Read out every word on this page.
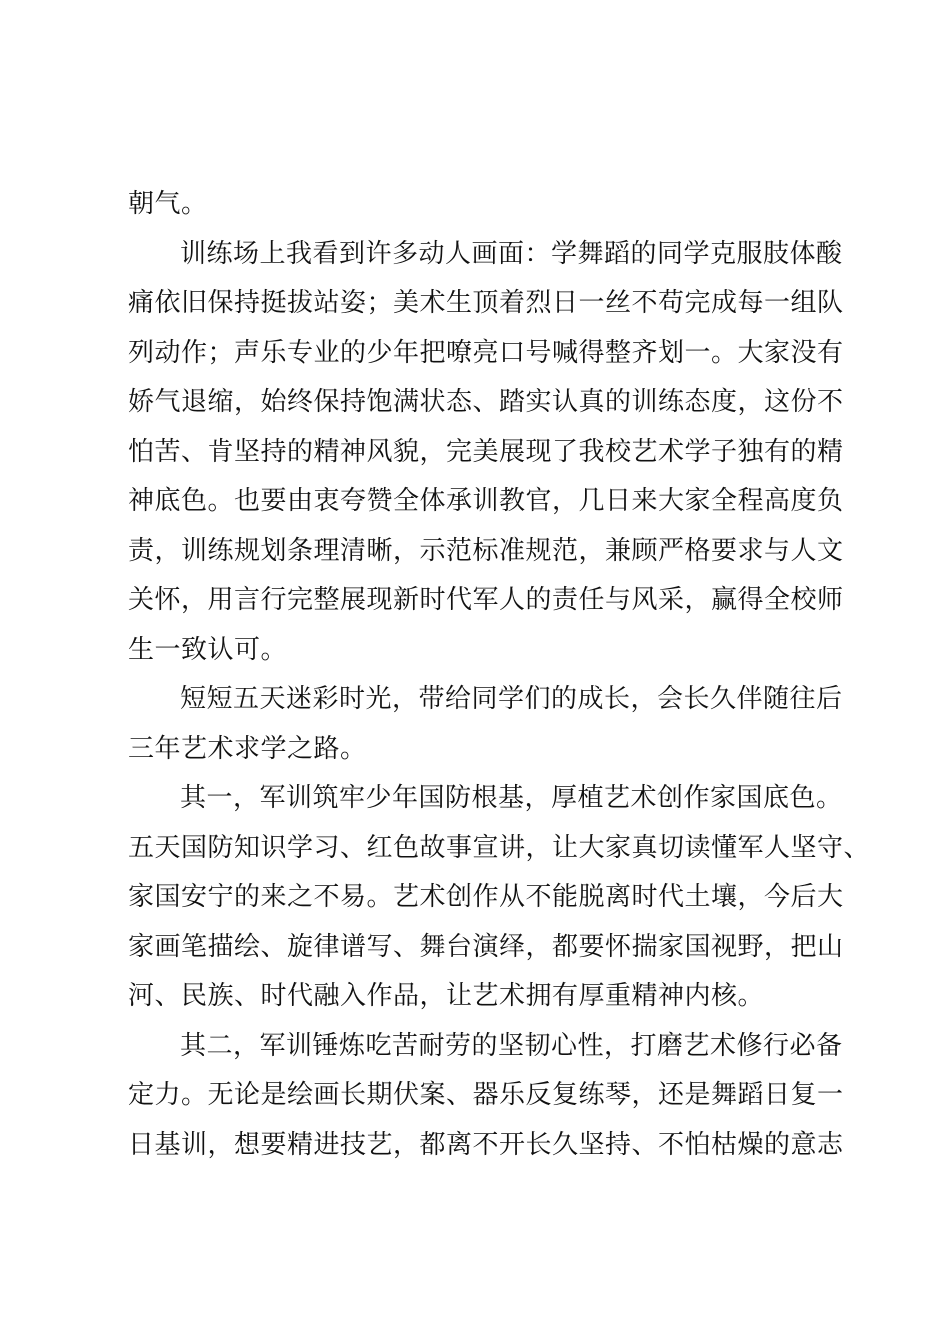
朝气。
训练场上我看到许多动人画面：学舞蹈的同学克服肢体酸
痛依旧保持挺拔站姿；美术生顶着烈日一丝不苟完成每一组队
列动作；声乐专业的少年把嘹亮口号喊得整齐划一。大家没有
娇气退缩，始终保持饱满状态、踏实认真的训练态度，这份不
怕苦、肯坚持的精神风貌，完美展现了我校艺术学子独有的精
神底色。也要由衷夸赞全体承训教官，几日来大家全程高度负
责，训练规划条理清晰，示范标准规范，兼顾严格要求与人文
关怀，用言行完整展现新时代军人的责任与风采，赢得全校师
生一致认可。
短短五天迷彩时光，带给同学们的成长，会长久伴随往后
三年艺术求学之路。
其一，军训筑牢少年国防根基，厚植艺术创作家国底色。
五天国防知识学习、红色故事宣讲，让大家真切读懂军人坚守、
家国安宁的来之不易。艺术创作从不能脱离时代土壤，今后大
家画笔描绘、旋律谱写、舞台演绎，都要怀揣家国视野，把山
河、民族、时代融入作品，让艺术拥有厚重精神内核。
其二，军训锤炼吃苦耐劳的坚韧心性，打磨艺术修行必备
定力。无论是绘画长期伏案、器乐反复练琴，还是舞蹈日复一
日基训，想要精进技艺，都离不开长久坚持、不怕枯燥的意志
